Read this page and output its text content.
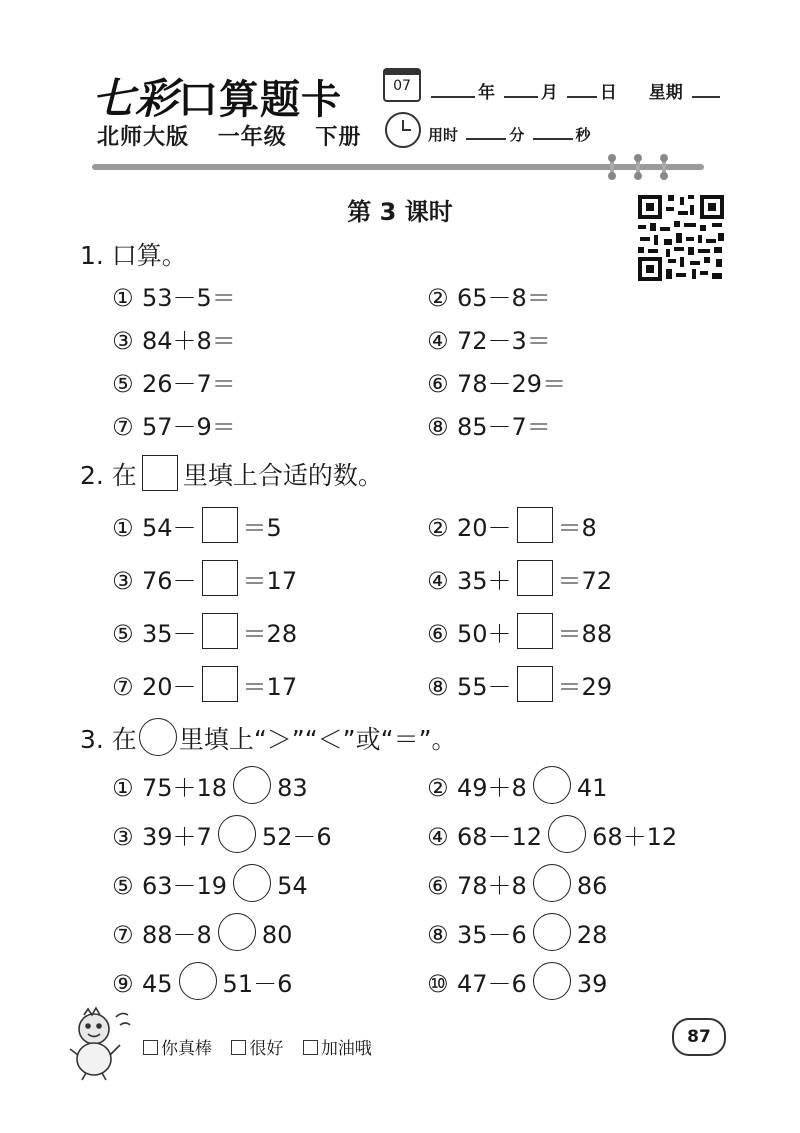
七彩口算题卡
北师大版 一年级 下册
07	年	月 日 星期
用时	分	秒
第 3 课时
1. 口算。
① 53－5＝	② 65－8＝
③ 84＋8＝	④ 72－3＝
⑤ 26－7＝	⑥ 78－29＝
⑦ 57－9＝	⑧ 85－7＝
2. 在 里填上合适的数。
① 54－ ＝5	② 20－ ＝8
③ 76－ ＝17	④ 35＋ ＝72
⑤ 35－ ＝28	⑥ 50＋ ＝88
⑦ 20－ ＝17	⑧ 55－ ＝29
3. 在 里填上“＞”“＜”或“＝”。
① 75＋18 83	② 49＋8 41
③ 39＋7 52－6	④ 68－12 68＋12
⑤ 63－19 54	⑥ 78＋8 86
⑦ 88－8 80	⑧ 35－6 28
⑨ 45 51－6	⑩ 47－6 39
你真棒 很好 加油哦
87
